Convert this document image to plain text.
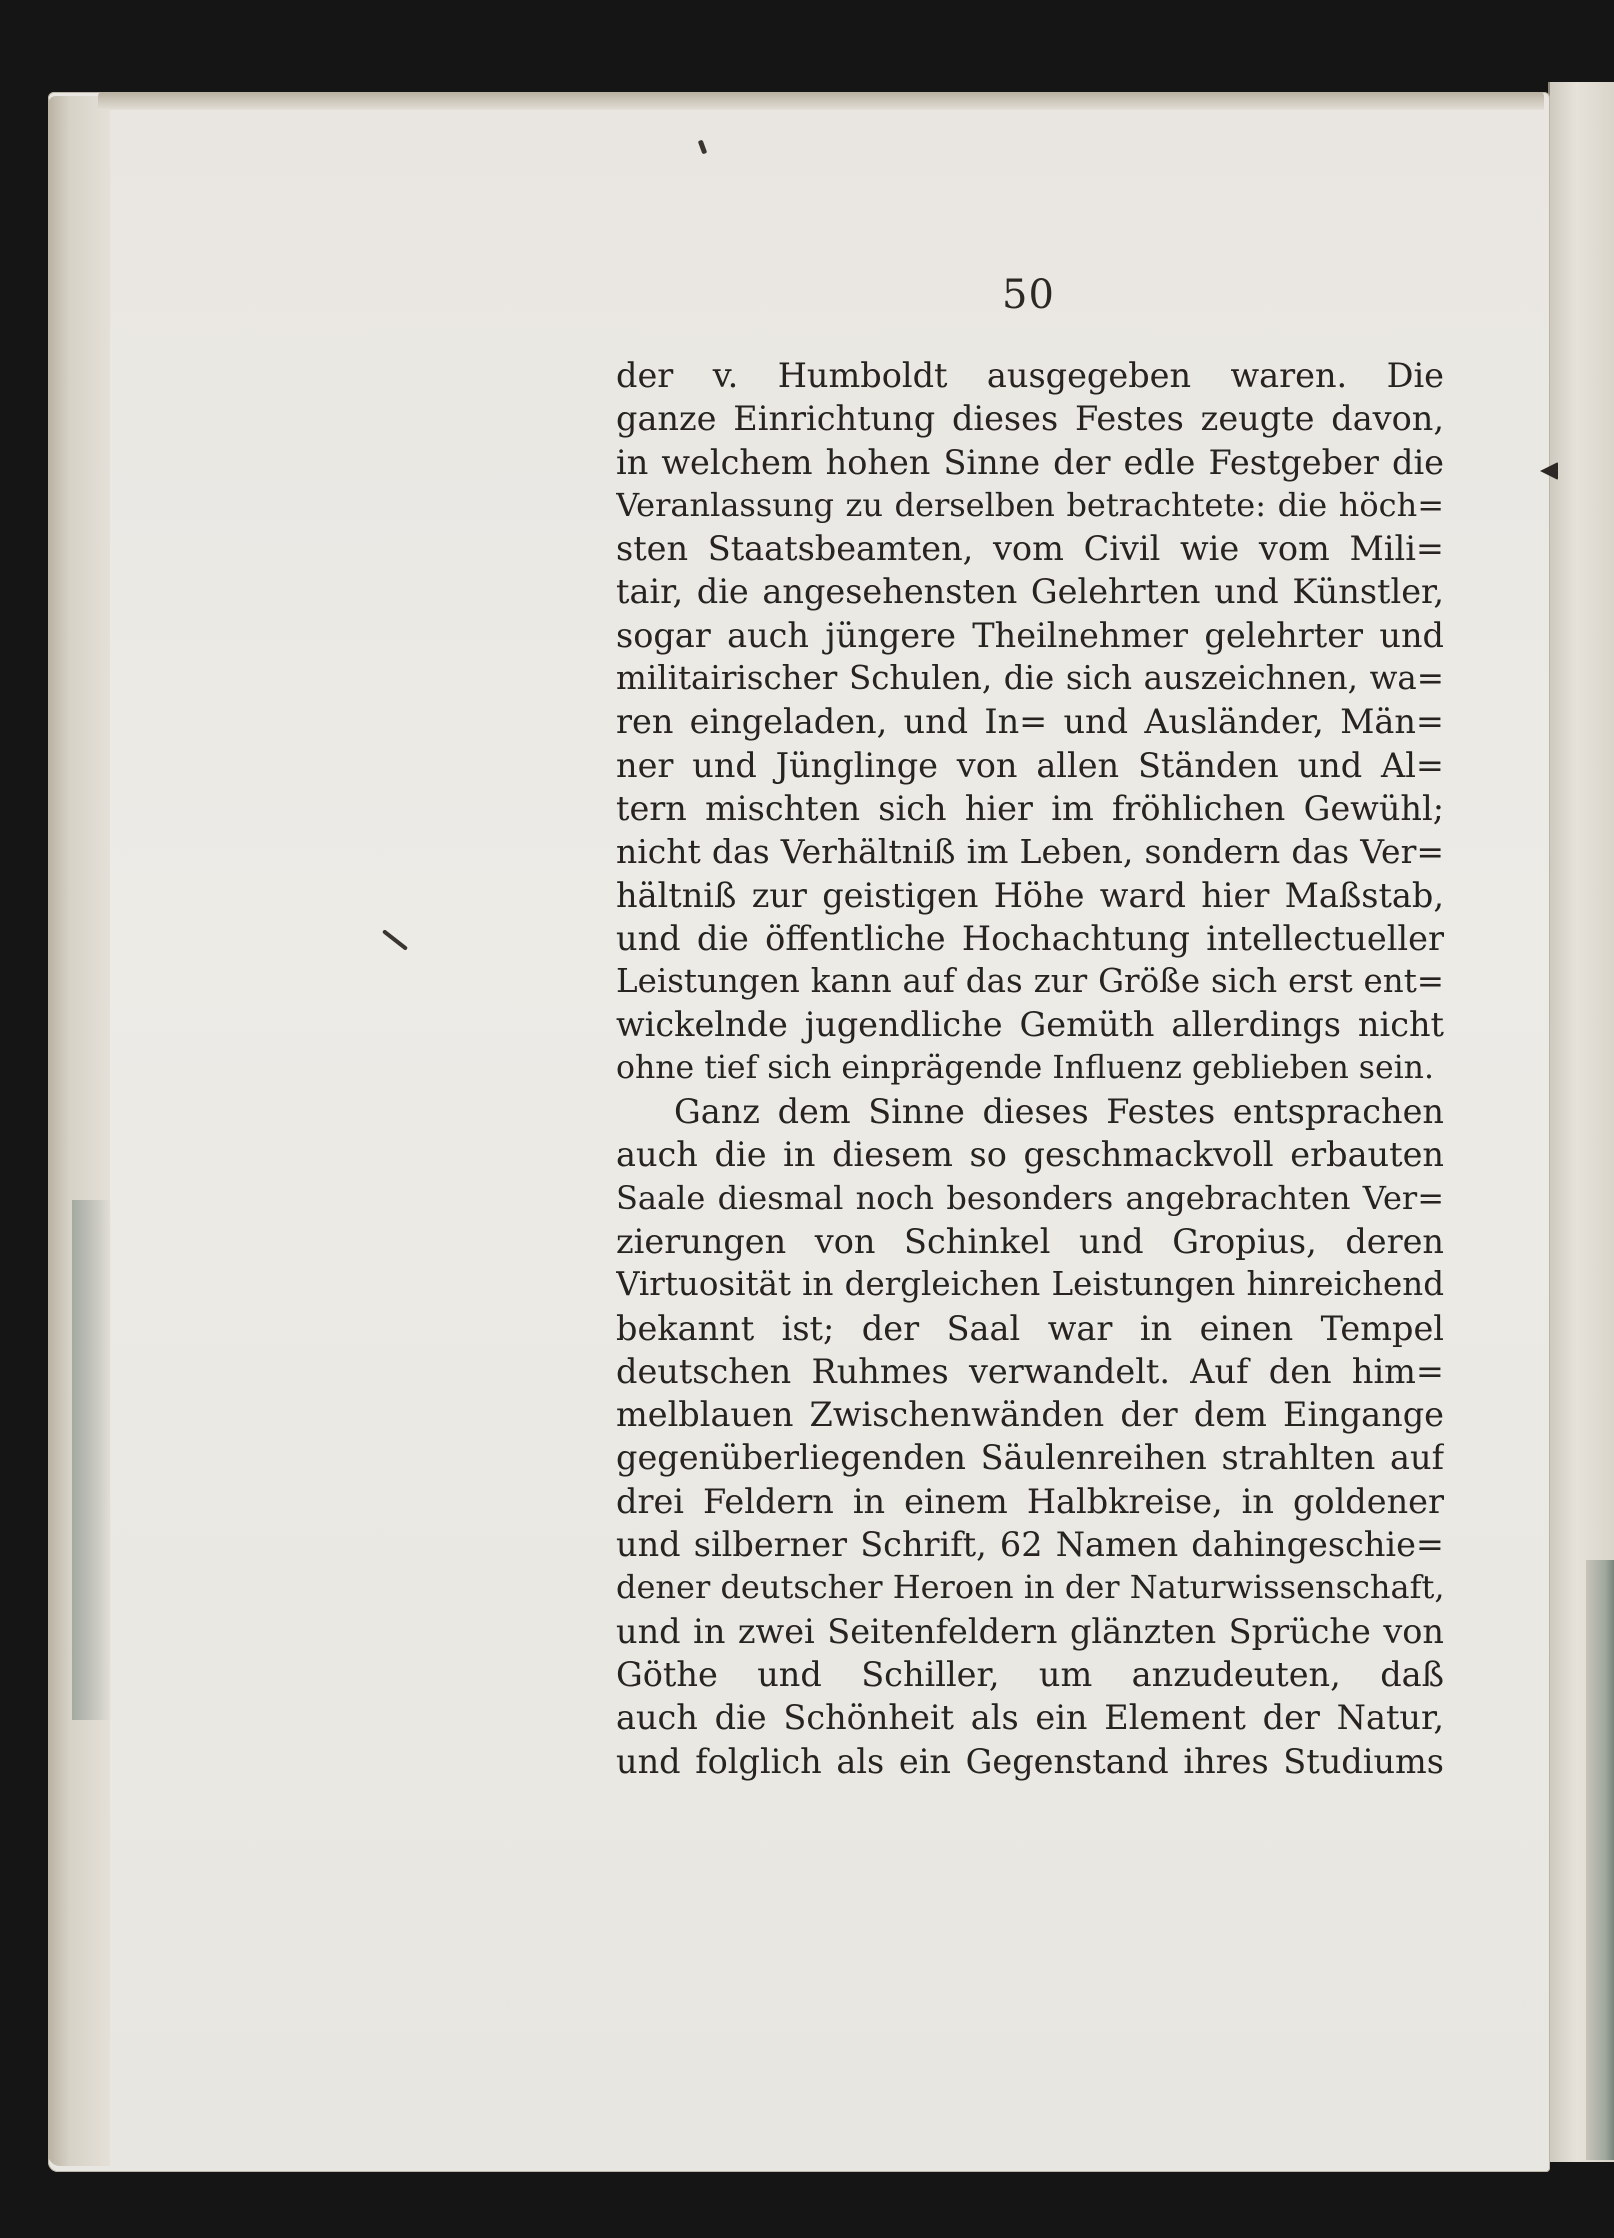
50
der v. Humboldt ausgegeben waren. Die
ganze Einrichtung dieses Festes zeugte davon,
in welchem hohen Sinne der edle Festgeber die
Veranlassung zu derselben betrachtete: die höch=
sten Staatsbeamten, vom Civil wie vom Mili=
tair, die angesehensten Gelehrten und Künstler,
sogar auch jüngere Theilnehmer gelehrter und
militairischer Schulen, die sich auszeichnen, wa=
ren eingeladen, und In= und Ausländer, Män=
ner und Jünglinge von allen Ständen und Al=
tern mischten sich hier im fröhlichen Gewühl;
nicht das Verhältniß im Leben, sondern das Ver=
hältniß zur geistigen Höhe ward hier Maßstab,
und die öffentliche Hochachtung intellectueller
Leistungen kann auf das zur Größe sich erst ent=
wickelnde jugendliche Gemüth allerdings nicht
ohne tief sich einprägende Influenz geblieben sein.
Ganz dem Sinne dieses Festes entsprachen
auch die in diesem so geschmackvoll erbauten
Saale diesmal noch besonders angebrachten Ver=
zierungen von Schinkel und Gropius, deren
Virtuosität in dergleichen Leistungen hinreichend
bekannt ist; der Saal war in einen Tempel
deutschen Ruhmes verwandelt. Auf den him=
melblauen Zwischenwänden der dem Eingange
gegenüberliegenden Säulenreihen strahlten auf
drei Feldern in einem Halbkreise, in goldener
und silberner Schrift, 62 Namen dahingeschie=
dener deutscher Heroen in der Naturwissenschaft,
und in zwei Seitenfeldern glänzten Sprüche von
Göthe und Schiller, um anzudeuten, daß
auch die Schönheit als ein Element der Natur,
und folglich als ein Gegenstand ihres Studiums
